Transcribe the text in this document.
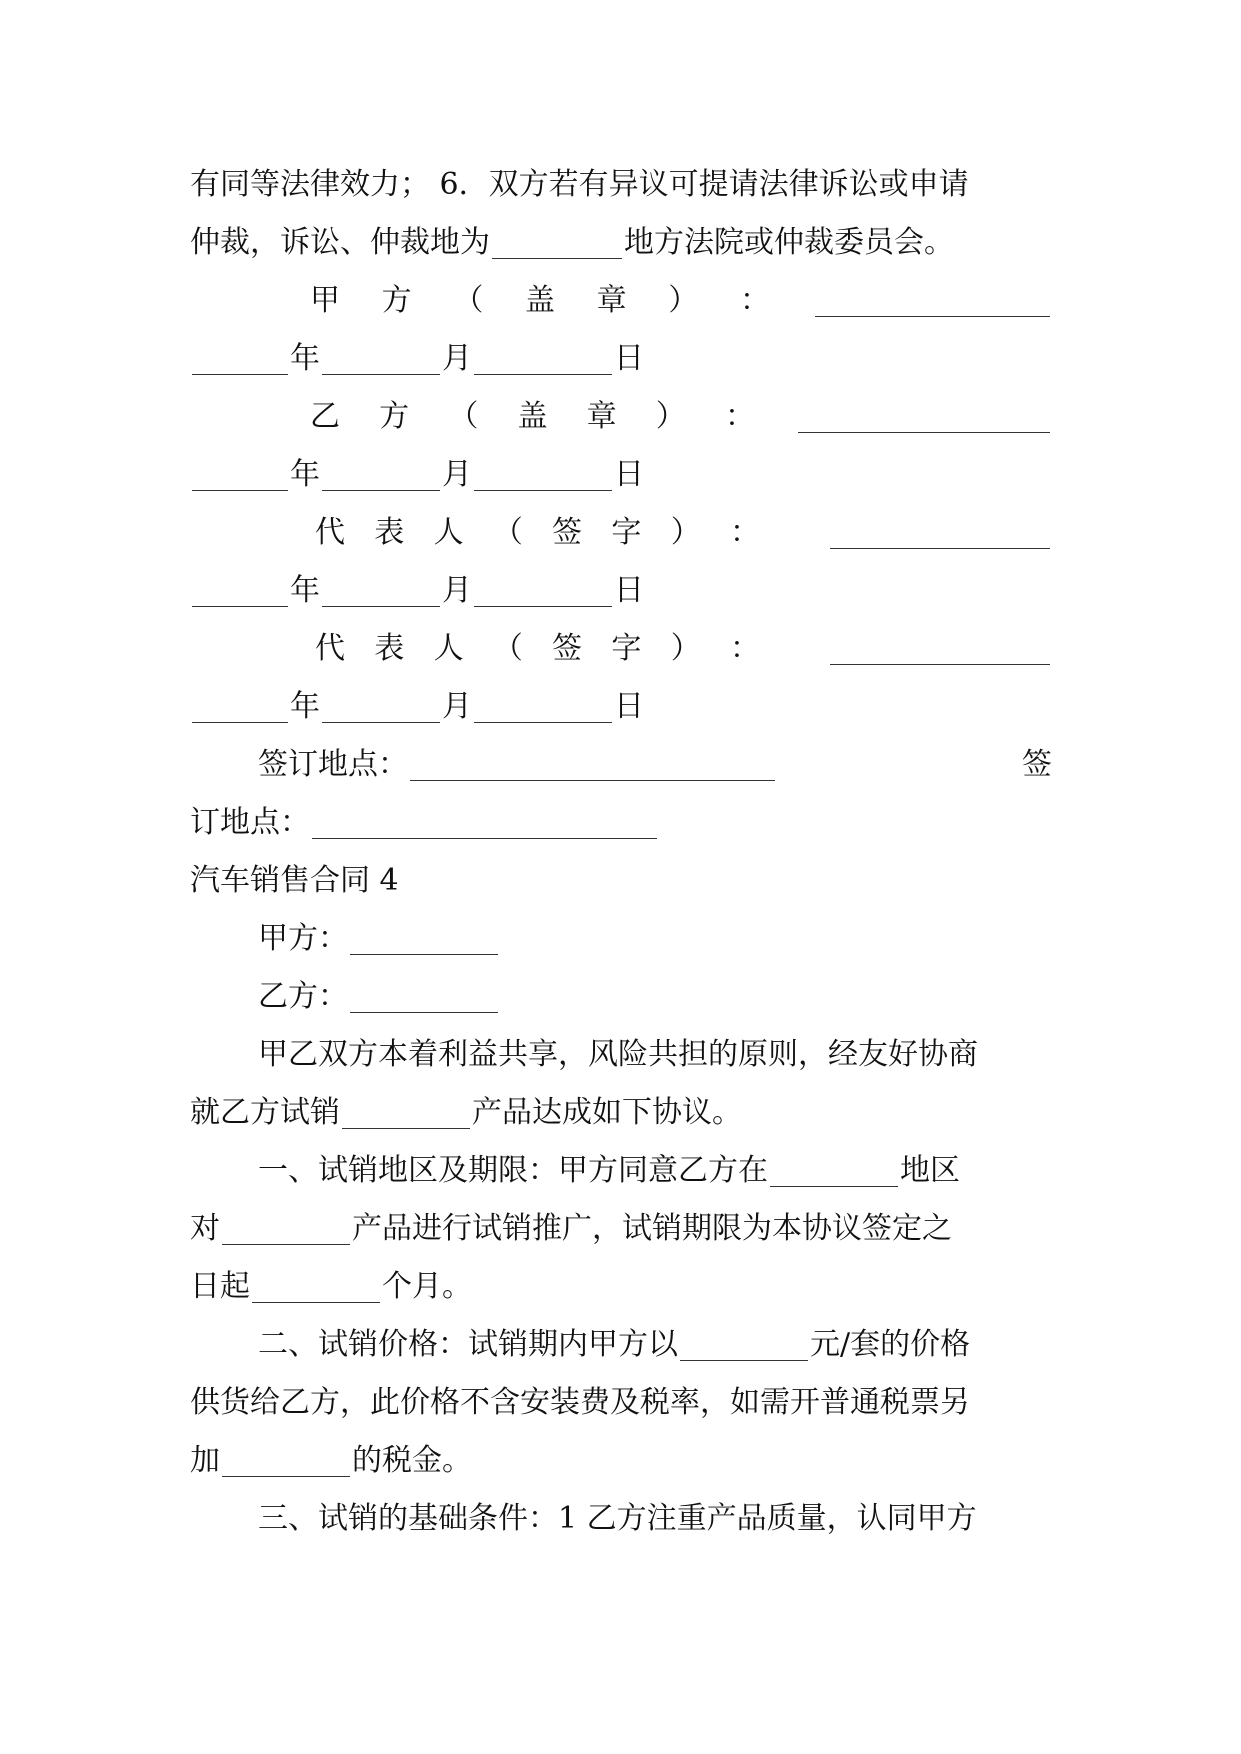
有同等法律效力； 6．双方若有异议可提请法律诉讼或申请
仲裁，诉讼、仲裁地为	地方法院或仲裁委员会。
甲 方 （ 盖 章 ） ：
年	月	日
乙 方 （ 盖 章 ） ：
年	月	日
代 表 人 （ 签 字 ） ：
年	月	日
代 表 人 （ 签 字 ） ：
年	月	日
签订地点：	签
订地点：
汽车销售合同 4
甲方：
乙方：
甲乙双方本着利益共享，风险共担的原则，经友好协商
就乙方试销	产品达成如下协议。
一、试销地区及期限：甲方同意乙方在	地区
对	产品进行试销推广，试销期限为本协议签定之
日起	个月。
二、试销价格：试销期内甲方以	元/套的价格
供货给乙方，此价格不含安装费及税率，如需开普通税票另
加	的税金。
三、试销的基础条件：1 乙方注重产品质量，认同甲方
